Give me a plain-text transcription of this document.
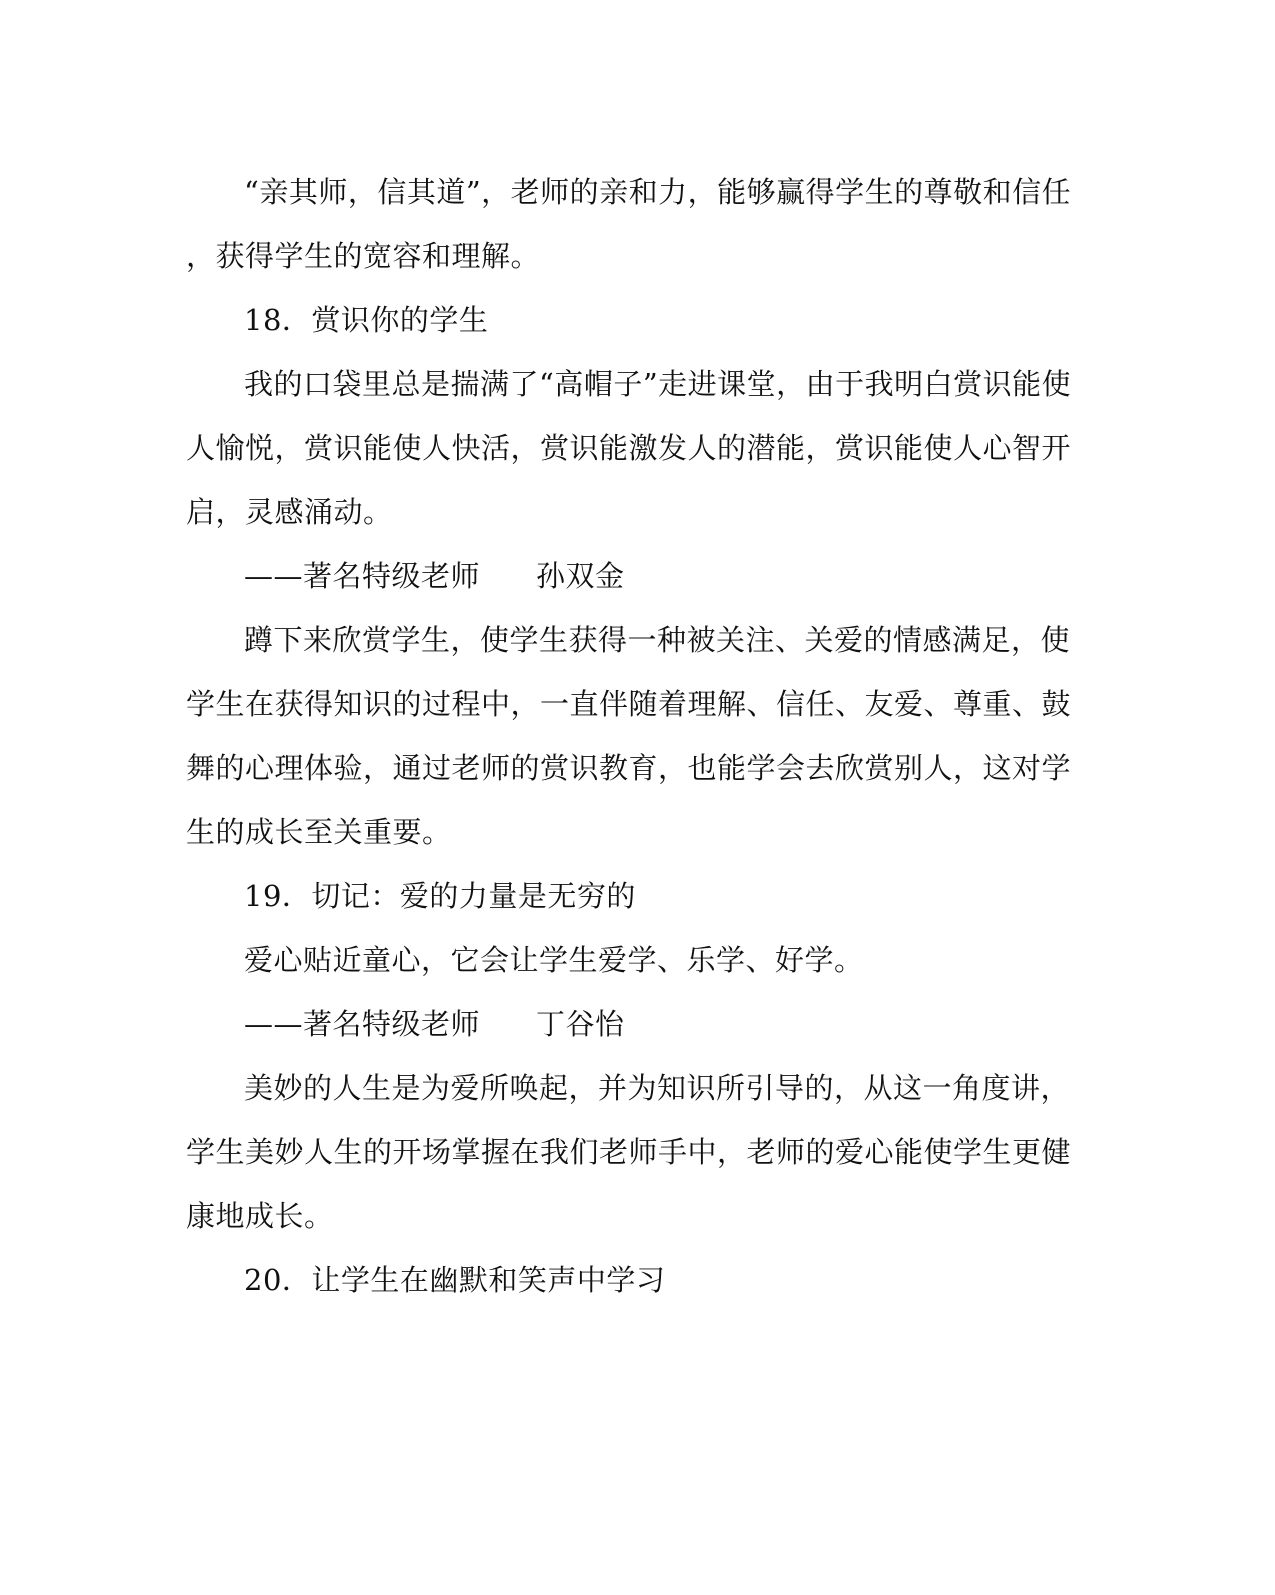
“亲其师，信其道”，老师的亲和力，能够赢得学生的尊敬和信任
，获得学生的宽容和理解。
18．赏识你的学生
我的口袋里总是揣满了“高帽子”走进课堂，由于我明白赏识能使
人愉悦，赏识能使人快活，赏识能激发人的潜能，赏识能使人心智开
启，灵感涌动。
——著名特级老师 孙双金
蹲下来欣赏学生，使学生获得一种被关注、关爱的情感满足，使
学生在获得知识的过程中，一直伴随着理解、信任、友爱、尊重、鼓
舞的心理体验，通过老师的赏识教育，也能学会去欣赏别人，这对学
生的成长至关重要。
19．切记：爱的力量是无穷的
爱心贴近童心，它会让学生爱学、乐学、好学。
——著名特级老师 丁谷怡
美妙的人生是为爱所唤起，并为知识所引导的，从这一角度讲，
学生美妙人生的开场掌握在我们老师手中，老师的爱心能使学生更健
康地成长。
20．让学生在幽默和笑声中学习
